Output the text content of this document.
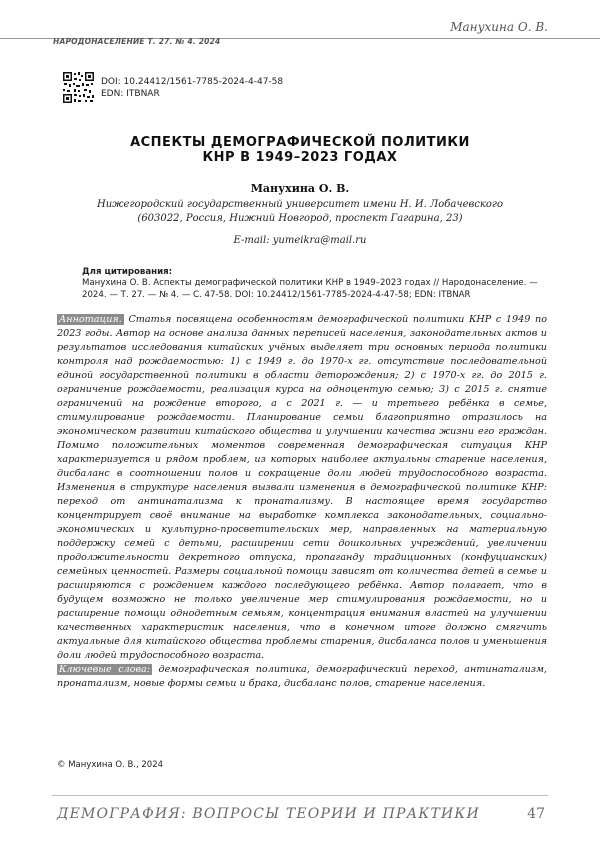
Манухина О. В.
НАРОДОНАСЕЛЕНИЕ Т. 27. № 4. 2024
DOI: 10.24412/1561-7785-2024-4-47-58
EDN: ITBNAR
АСПЕКТЫ ДЕМОГРАФИЧЕСКОЙ ПОЛИТИКИ
КНР В 1949–2023 ГОДАХ
Манухина О. В.
Нижегородский государственный университет имени Н. И. Лобачевского
(603022, Россия, Нижний Новгород, проспект Гагарина, 23)
E-mail: yumeikra@mail.ru
Для цитирования:
Манухина О. В. Аспекты демографической политики КНР в 1949–2023 годах // Народонаселение. — 2024. — Т. 27. — № 4. — С. 47-58. DOI: 10.24412/1561-7785-2024-4-47-58; EDN: ITBNAR
Аннотация. Статья посвящена особенностям демографической политики КНР с 1949 по 2023 годы. Автор на основе анализа данных переписей населения, законодательных актов и результатов исследования китайских учёных выделяет три основных периода политики контроля над рождаемостью: 1) с 1949 г. до 1970-х гг. отсутствие последовательной единой государственной политики в области деторождения; 2) с 1970-х гг. до 2015 г. ограничение рождаемости, реализация курса на одноцентую семью; 3) с 2015 г. снятие ограничений на рождение второго, а с 2021 г. — и третьего ребёнка в семье, стимулирование рождаемости. Планирование семьи благоприятно отразилось на экономическом развитии китайского общества и улучшении качества жизни его граждан. Помимо положительных моментов современная демографическая ситуация КНР характеризуется и рядом проблем, из которых наиболее актуальны старение населения, дисбаланс в соотношении полов и сокращение доли людей трудоспособного возраста. Изменения в структуре населения вызвали изменения в демографической политике КНР: переход от антинатализма к пронатализму. В настоящее время государство концентрирует своё внимание на выработке комплекса законодательных, социально-экономических и культурно-просветительских мер, направленных на материальную поддержку семей с детьми, расширении сети дошкольных учреждений, увеличении продолжительности декретного отпуска, пропаганду традиционных (конфуцианских) семейных ценностей. Размеры социальной помощи зависят от количества детей в семье и расширяются с рождением каждого последующего ребёнка. Автор полагает, что в будущем возможно не только увеличение мер стимулирования рождаемости, но и расширение помощи однодетным семьям, концентрация внимания властей на улучшении качественных характеристик населения, что в конечном итоге должно смягчить актуальные для китайского общества проблемы старения, дисбаланса полов и уменьшения доли людей трудоспособного возраста.
Ключевые слова: демографическая политика, демографический переход, антинатализм, пронатализм, новые формы семьи и брака, дисбаланс полов, старение населения.
© Манухина О. В., 2024
ДЕМОГРАФИЯ: ВОПРОСЫ ТЕОРИИ И ПРАКТИКИ	47
